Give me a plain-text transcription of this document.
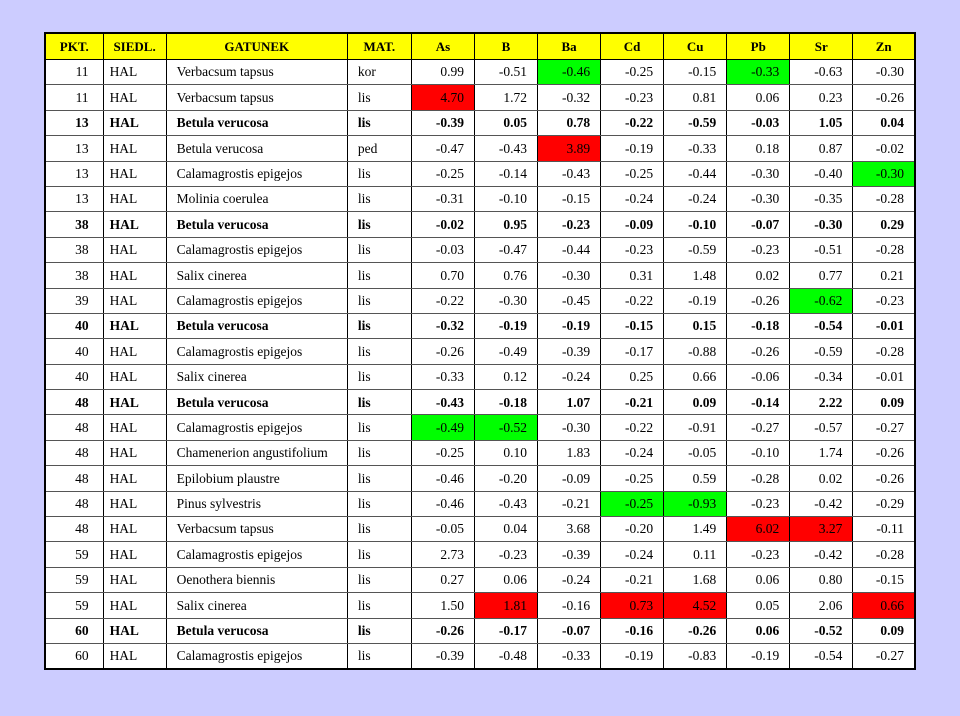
PKT.	SIEDL.	GATUNEK	MAT.	As	B	Ba	Cd	Cu	Pb	Sr	Zn
11	HAL	Verbacsum tapsus	kor	0.99	-0.51	-0.46	-0.25	-0.15	-0.33	-0.63	-0.30
11	HAL	Verbacsum tapsus	lis	4.70	1.72	-0.32	-0.23	0.81	0.06	0.23	-0.26
13	HAL	Betula verucosa	lis	-0.39	0.05	0.78	-0.22	-0.59	-0.03	1.05	0.04
13	HAL	Betula verucosa	ped	-0.47	-0.43	3.89	-0.19	-0.33	0.18	0.87	-0.02
13	HAL	Calamagrostis epigejos	lis	-0.25	-0.14	-0.43	-0.25	-0.44	-0.30	-0.40	-0.30
13	HAL	Molinia coerulea	lis	-0.31	-0.10	-0.15	-0.24	-0.24	-0.30	-0.35	-0.28
38	HAL	Betula verucosa	lis	-0.02	0.95	-0.23	-0.09	-0.10	-0.07	-0.30	0.29
38	HAL	Calamagrostis epigejos	lis	-0.03	-0.47	-0.44	-0.23	-0.59	-0.23	-0.51	-0.28
38	HAL	Salix cinerea	lis	0.70	0.76	-0.30	0.31	1.48	0.02	0.77	0.21
39	HAL	Calamagrostis epigejos	lis	-0.22	-0.30	-0.45	-0.22	-0.19	-0.26	-0.62	-0.23
40	HAL	Betula verucosa	lis	-0.32	-0.19	-0.19	-0.15	0.15	-0.18	-0.54	-0.01
40	HAL	Calamagrostis epigejos	lis	-0.26	-0.49	-0.39	-0.17	-0.88	-0.26	-0.59	-0.28
40	HAL	Salix cinerea	lis	-0.33	0.12	-0.24	0.25	0.66	-0.06	-0.34	-0.01
48	HAL	Betula verucosa	lis	-0.43	-0.18	1.07	-0.21	0.09	-0.14	2.22	0.09
48	HAL	Calamagrostis epigejos	lis	-0.49	-0.52	-0.30	-0.22	-0.91	-0.27	-0.57	-0.27
48	HAL	Chamenerion angustifolium	lis	-0.25	0.10	1.83	-0.24	-0.05	-0.10	1.74	-0.26
48	HAL	Epilobium plaustre	lis	-0.46	-0.20	-0.09	-0.25	0.59	-0.28	0.02	-0.26
48	HAL	Pinus sylvestris	lis	-0.46	-0.43	-0.21	-0.25	-0.93	-0.23	-0.42	-0.29
48	HAL	Verbacsum tapsus	lis	-0.05	0.04	3.68	-0.20	1.49	6.02	3.27	-0.11
59	HAL	Calamagrostis epigejos	lis	2.73	-0.23	-0.39	-0.24	0.11	-0.23	-0.42	-0.28
59	HAL	Oenothera biennis	lis	0.27	0.06	-0.24	-0.21	1.68	0.06	0.80	-0.15
59	HAL	Salix cinerea	lis	1.50	1.81	-0.16	0.73	4.52	0.05	2.06	0.66
60	HAL	Betula verucosa	lis	-0.26	-0.17	-0.07	-0.16	-0.26	0.06	-0.52	0.09
60	HAL	Calamagrostis epigejos	lis	-0.39	-0.48	-0.33	-0.19	-0.83	-0.19	-0.54	-0.27
